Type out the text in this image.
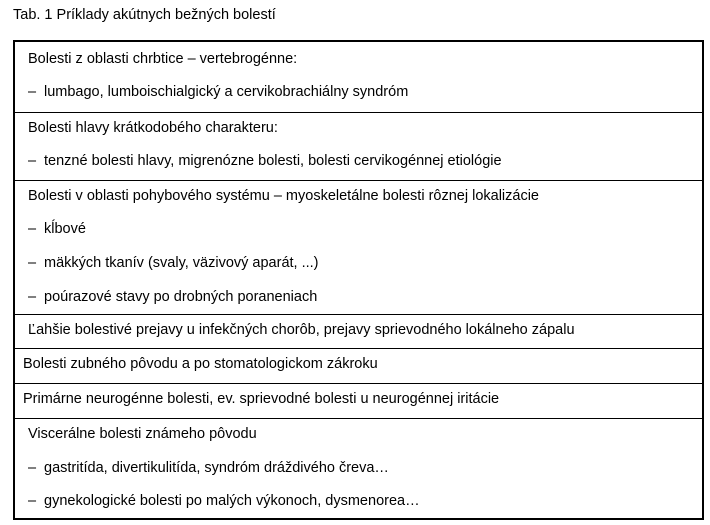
Tab. 1 Príklady akútnych bežných bolestí
Bolesti z oblasti chrbtice – vertebrogénne:
– lumbago, lumboischialgický a cervikobrachiálny syndróm
Bolesti hlavy krátkodobého charakteru:
– tenzné bolesti hlavy, migrenózne bolesti, bolesti cervikogénnej etiológie
Bolesti v oblasti pohybového systému – myoskeletálne bolesti rôznej lokalizácie
– kĺbové
– mäkkých tkanív (svaly, väzivový aparát, ...)
– poúrazové stavy po drobných poraneniach
Ľahšie bolestivé prejavy u infekčných chorôb, prejavy sprievodného lokálneho zápalu
Bolesti zubného pôvodu a po stomatologickom zákroku
Primárne neurogénne bolesti, ev. sprievodné bolesti u neurogénnej iritácie
Viscerálne bolesti známeho pôvodu
– gastritída, divertikulitída, syndróm dráždivého čreva…
– gynekologické bolesti po malých výkonoch, dysmenorea…
